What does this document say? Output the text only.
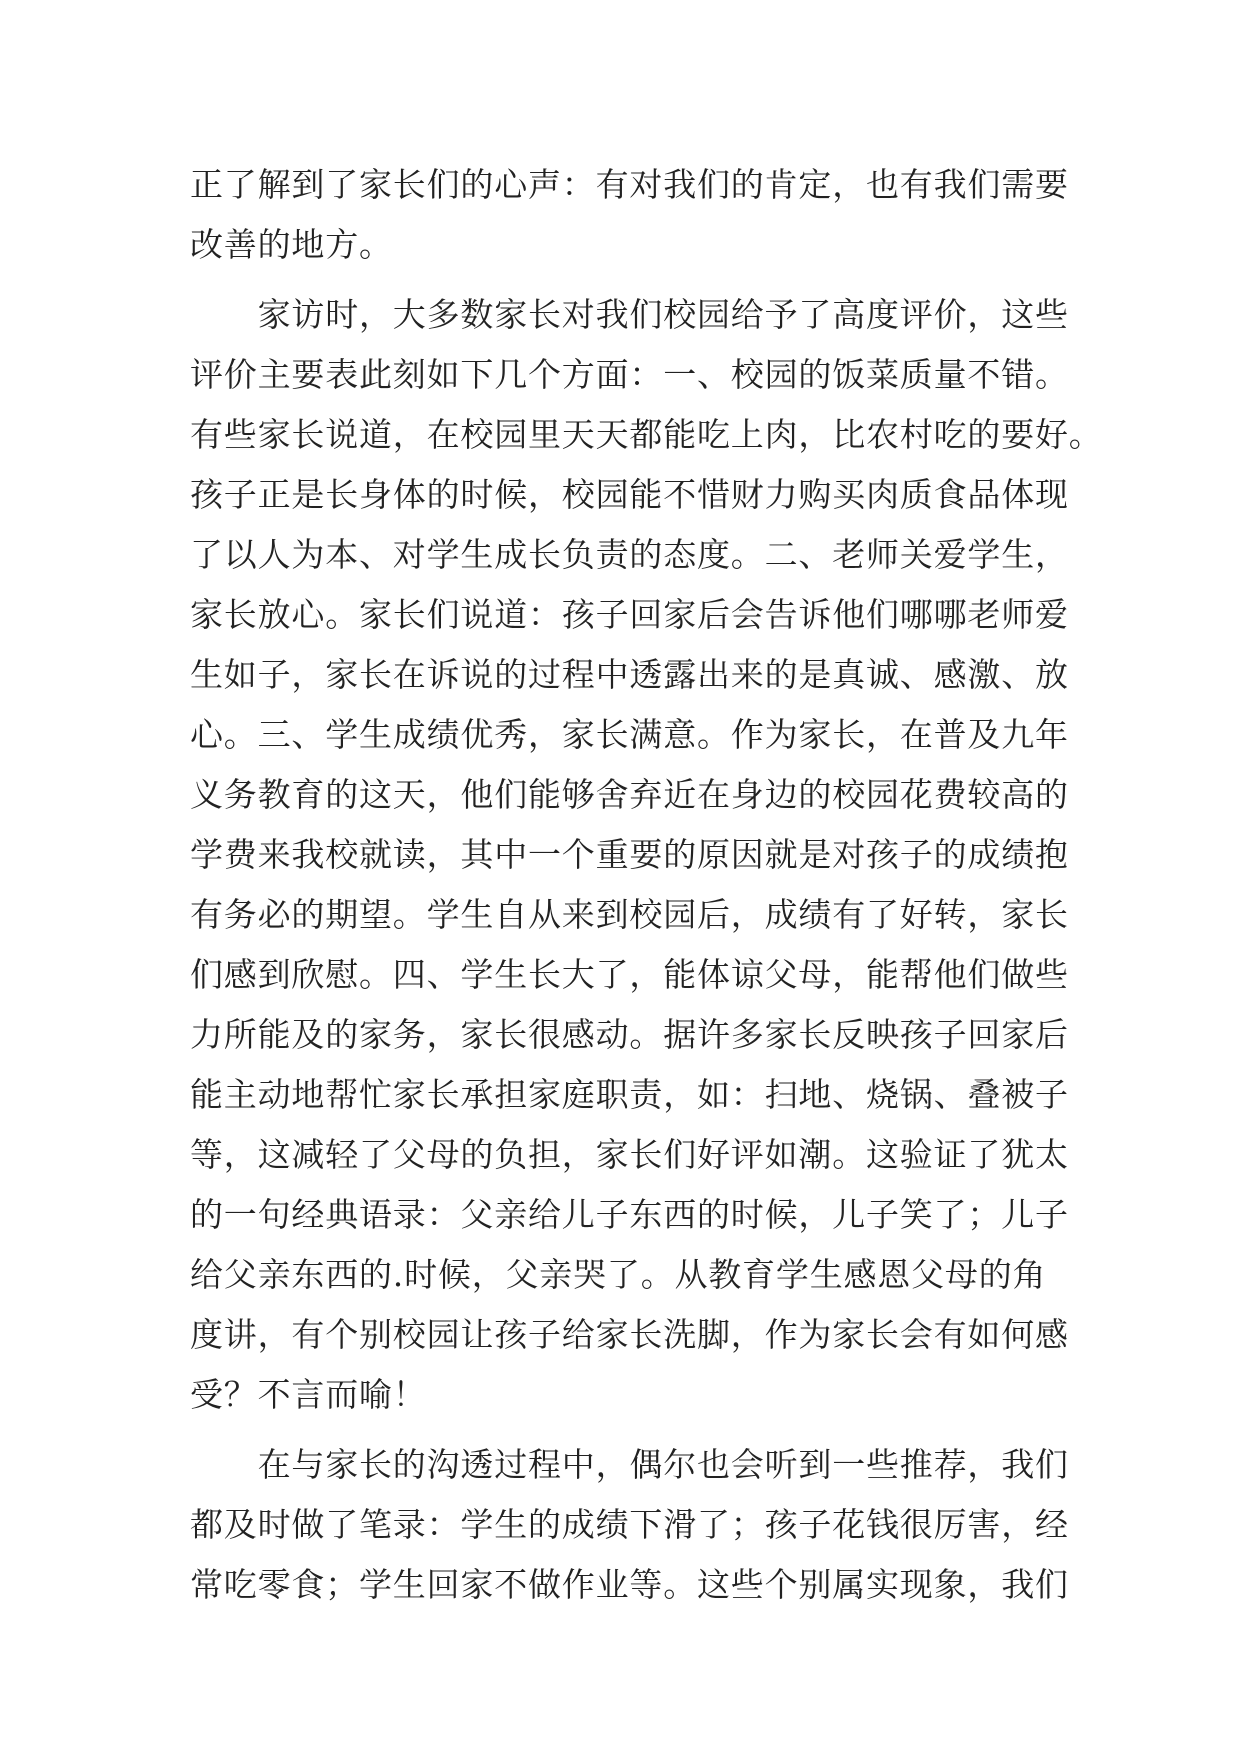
正了解到了家长们的心声：有对我们的肯定，也有我们需要
改善的地方。
　　家访时，大多数家长对我们校园给予了高度评价，这些
评价主要表此刻如下几个方面：一、校园的饭菜质量不错。
有些家长说道，在校园里天天都能吃上肉，比农村吃的要好。
孩子正是长身体的时候，校园能不惜财力购买肉质食品体现
了以人为本、对学生成长负责的态度。二、老师关爱学生，
家长放心。家长们说道：孩子回家后会告诉他们哪哪老师爱
生如子，家长在诉说的过程中透露出来的是真诚、感激、放
心。三、学生成绩优秀，家长满意。作为家长，在普及九年
义务教育的这天，他们能够舍弃近在身边的校园花费较高的
学费来我校就读，其中一个重要的原因就是对孩子的成绩抱
有务必的期望。学生自从来到校园后，成绩有了好转，家长
们感到欣慰。四、学生长大了，能体谅父母，能帮他们做些
力所能及的家务，家长很感动。据许多家长反映孩子回家后
能主动地帮忙家长承担家庭职责，如：扫地、烧锅、叠被子
等，这减轻了父母的负担，家长们好评如潮。这验证了犹太
的一句经典语录：父亲给儿子东西的时候，儿子笑了；儿子
给父亲东西的.时候，父亲哭了。从教育学生感恩父母的角
度讲，有个别校园让孩子给家长洗脚，作为家长会有如何感
受？不言而喻！
　　在与家长的沟透过程中，偶尔也会听到一些推荐，我们
都及时做了笔录：学生的成绩下滑了；孩子花钱很厉害，经
常吃零食；学生回家不做作业等。这些个别属实现象，我们
